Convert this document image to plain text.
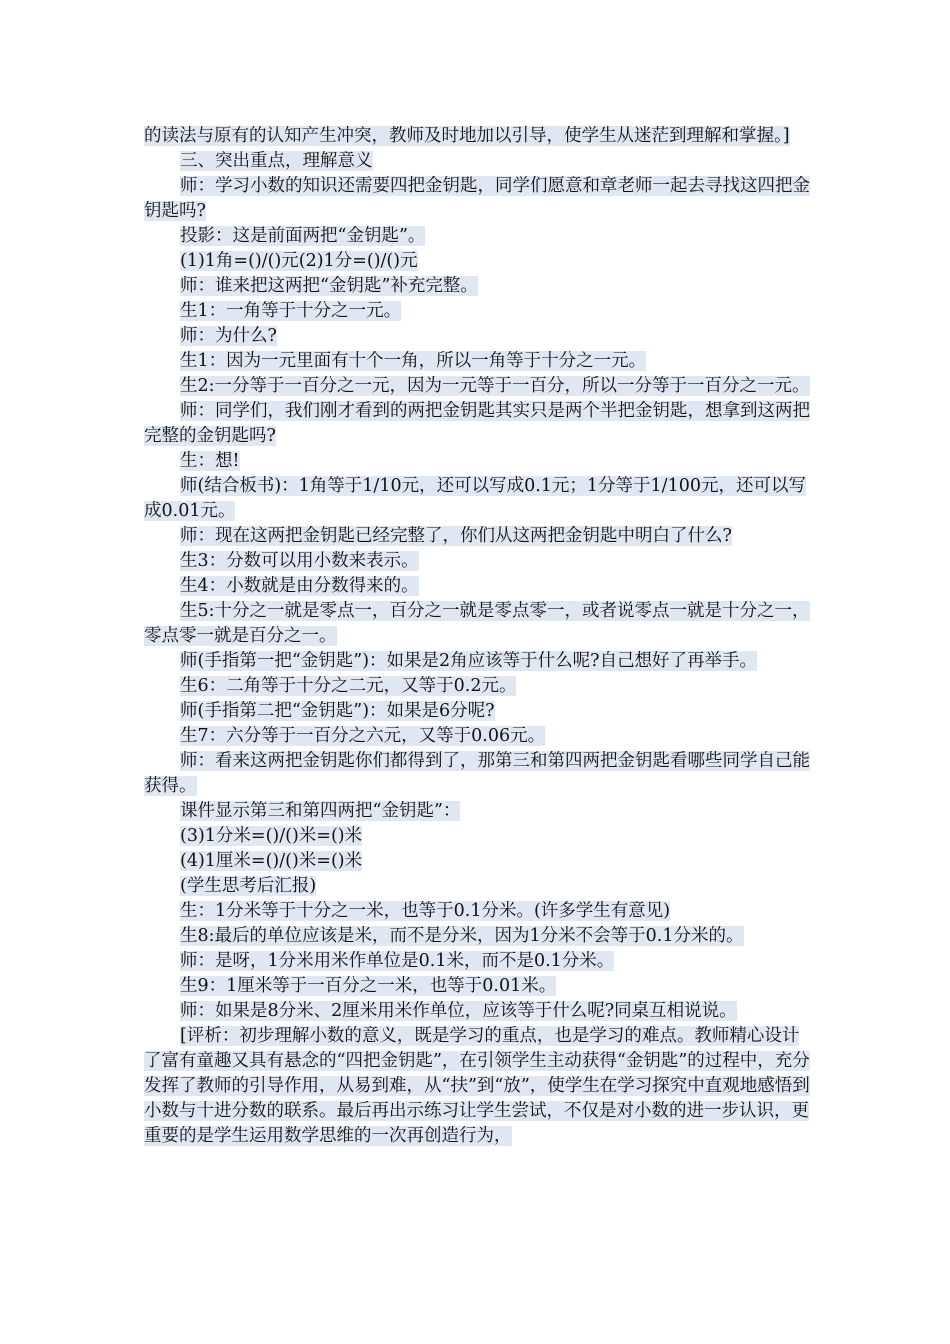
的读法与原有的认知产生冲突，教师及时地加以引导，使学生从迷茫到理解和掌握。]

三、突出重点，理解意义

师：学习小数的知识还需要四把金钥匙，同学们愿意和章老师一起去寻找这四把金钥匙吗?

投影：这是前面两把“金钥匙”。

(1)1角=()/()元(2)1分=()/()元

师：谁来把这两把“金钥匙”补充完整。

生1：一角等于十分之一元。

师：为什么?

生1：因为一元里面有十个一角，所以一角等于十分之一元。

生2:一分等于一百分之一元，因为一元等于一百分，所以一分等于一百分之一元。

师：同学们，我们刚才看到的两把金钥匙其实只是两个半把金钥匙，想拿到这两把完整的金钥匙吗?

生：想!

师(结合板书)：1角等于1/10元，还可以写成0.1元；1分等于1/100元，还可以写成0.01元。

师：现在这两把金钥匙已经完整了，你们从这两把金钥匙中明白了什么?

生3：分数可以用小数来表示。

生4：小数就是由分数得来的。

生5:十分之一就是零点一，百分之一就是零点零一，或者说零点一就是十分之一，零点零一就是百分之一。

师(手指第一把“金钥匙”)：如果是2角应该等于什么呢?自己想好了再举手。

生6：二角等于十分之二元，又等于0.2元。

师(手指第二把“金钥匙”)：如果是6分呢?

生7：六分等于一百分之六元，又等于0.06元。

师：看来这两把金钥匙你们都得到了，那第三和第四两把金钥匙看哪些同学自己能获得。

课件显示第三和第四两把“金钥匙”：

(3)1分米=()/()米=()米

(4)1厘米=()/()米=()米

(学生思考后汇报)

生：1分米等于十分之一米，也等于0.1分米。(许多学生有意见)

生8:最后的单位应该是米，而不是分米，因为1分米不会等于0.1分米的。

师：是呀，1分米用米作单位是0.1米，而不是0.1分米。

生9：1厘米等于一百分之一米，也等于0.01米。

师：如果是8分米、2厘米用米作单位，应该等于什么呢?同桌互相说说。

[评析：初步理解小数的意义，既是学习的重点，也是学习的难点。教师精心设计了富有童趣又具有悬念的“四把金钥匙”，在引领学生主动获得“金钥匙”的过程中，充分发挥了教师的引导作用，从易到难，从“扶”到“放”，使学生在学习探究中直观地感悟到小数与十进分数的联系。最后再出示练习让学生尝试，不仅是对小数的进一步认识，更重要的是学生运用数学思维的一次再创造行为，
